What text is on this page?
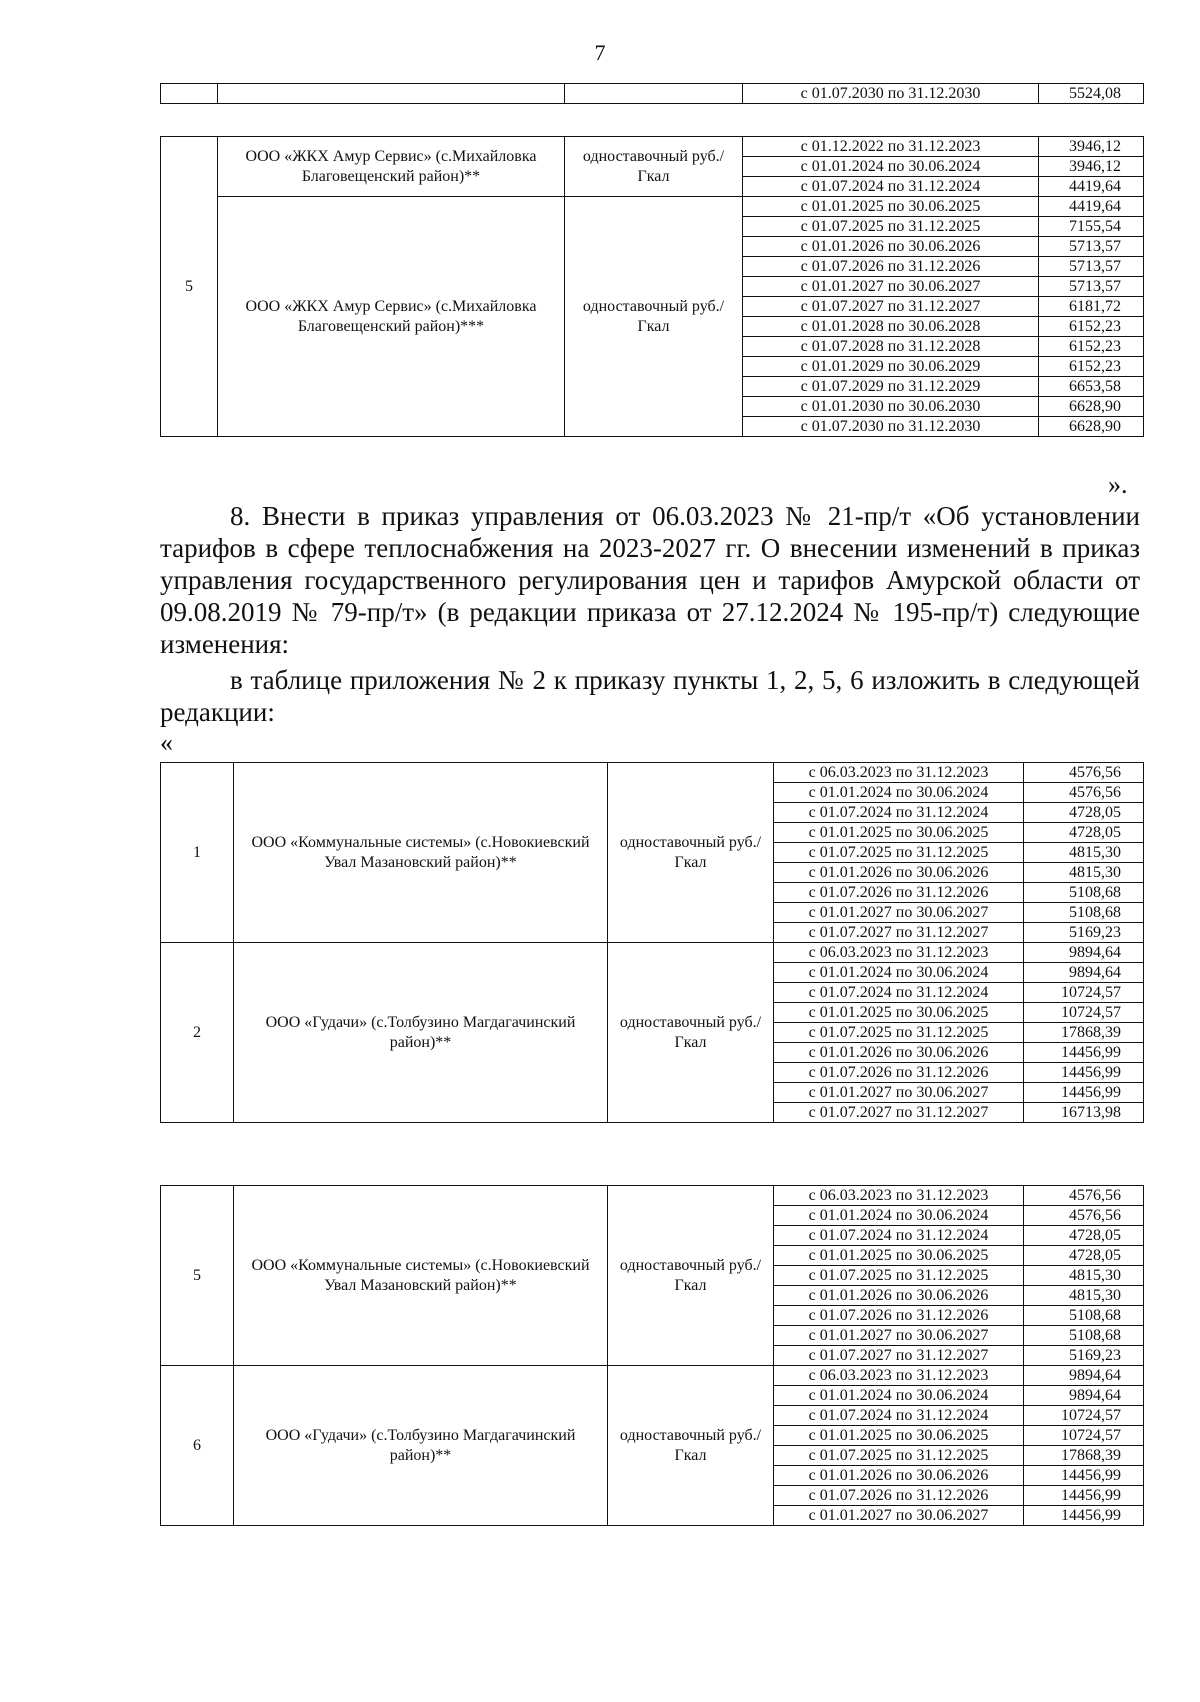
7
			с 01.07.2030 по 31.12.2030	5524,08
5	ООО «ЖКХ Амур Сервис» (с.Михайловка Благовещенский район)**	одноставочный руб./Гкал	с 01.12.2022 по 31.12.2023	3946,12
			с 01.01.2024 по 30.06.2024	3946,12
			с 01.07.2024 по 31.12.2024	4419,64
	ООО «ЖКХ Амур Сервис» (с.Михайловка Благовещенский район)***	одноставочный руб./Гкал	с 01.01.2025 по 30.06.2025	4419,64
			с 01.07.2025 по 31.12.2025	7155,54
			с 01.01.2026 по 30.06.2026	5713,57
			с 01.07.2026 по 31.12.2026	5713,57
			с 01.01.2027 по 30.06.2027	5713,57
			с 01.07.2027 по 31.12.2027	6181,72
			с 01.01.2028 по 30.06.2028	6152,23
			с 01.07.2028 по 31.12.2028	6152,23
			с 01.01.2029 по 30.06.2029	6152,23
			с 01.07.2029 по 31.12.2029	6653,58
			с 01.01.2030 по 30.06.2030	6628,90
			с 01.07.2030 по 31.12.2030	6628,90
».
8. Внести в приказ управления от 06.03.2023 № 21-пр/т «Об установлении тарифов в сфере теплоснабжения на 2023-2027 гг. О внесении изменений в приказ управления государственного регулирования цен и тарифов Амурской области от 09.08.2019 № 79-пр/т» (в редакции приказа от 27.12.2024 № 195-пр/т) следующие изменения:
в таблице приложения № 2 к приказу пункты 1, 2, 5, 6 изложить в следующей редакции:
«
1	ООО «Коммунальные системы» (с.Новокиевский Увал Мазановский район)**	одноставочный руб./Гкал	с 06.03.2023 по 31.12.2023	4576,56
			с 01.01.2024 по 30.06.2024	4576,56
			с 01.07.2024 по 31.12.2024	4728,05
			с 01.01.2025 по 30.06.2025	4728,05
			с 01.07.2025 по 31.12.2025	4815,30
			с 01.01.2026 по 30.06.2026	4815,30
			с 01.07.2026 по 31.12.2026	5108,68
			с 01.01.2027 по 30.06.2027	5108,68
			с 01.07.2027 по 31.12.2027	5169,23
2	ООО «Гудачи» (с.Толбузино Магдагачинский район)**	одноставочный руб./Гкал	с 06.03.2023 по 31.12.2023	9894,64
			с 01.01.2024 по 30.06.2024	9894,64
			с 01.07.2024 по 31.12.2024	10724,57
			с 01.01.2025 по 30.06.2025	10724,57
			с 01.07.2025 по 31.12.2025	17868,39
			с 01.01.2026 по 30.06.2026	14456,99
			с 01.07.2026 по 31.12.2026	14456,99
			с 01.01.2027 по 30.06.2027	14456,99
			с 01.07.2027 по 31.12.2027	16713,98
5	ООО «Коммунальные системы» (с.Новокиевский Увал Мазановский район)**	одноставочный руб./Гкал	с 06.03.2023 по 31.12.2023	4576,56
			с 01.01.2024 по 30.06.2024	4576,56
			с 01.07.2024 по 31.12.2024	4728,05
			с 01.01.2025 по 30.06.2025	4728,05
			с 01.07.2025 по 31.12.2025	4815,30
			с 01.01.2026 по 30.06.2026	4815,30
			с 01.07.2026 по 31.12.2026	5108,68
			с 01.01.2027 по 30.06.2027	5108,68
			с 01.07.2027 по 31.12.2027	5169,23
6	ООО «Гудачи» (с.Толбузино Магдагачинский район)**	одноставочный руб./Гкал	с 06.03.2023 по 31.12.2023	9894,64
			с 01.01.2024 по 30.06.2024	9894,64
			с 01.07.2024 по 31.12.2024	10724,57
			с 01.01.2025 по 30.06.2025	10724,57
			с 01.07.2025 по 31.12.2025	17868,39
			с 01.01.2026 по 30.06.2026	14456,99
			с 01.07.2026 по 31.12.2026	14456,99
			с 01.01.2027 по 30.06.2027	14456,99
